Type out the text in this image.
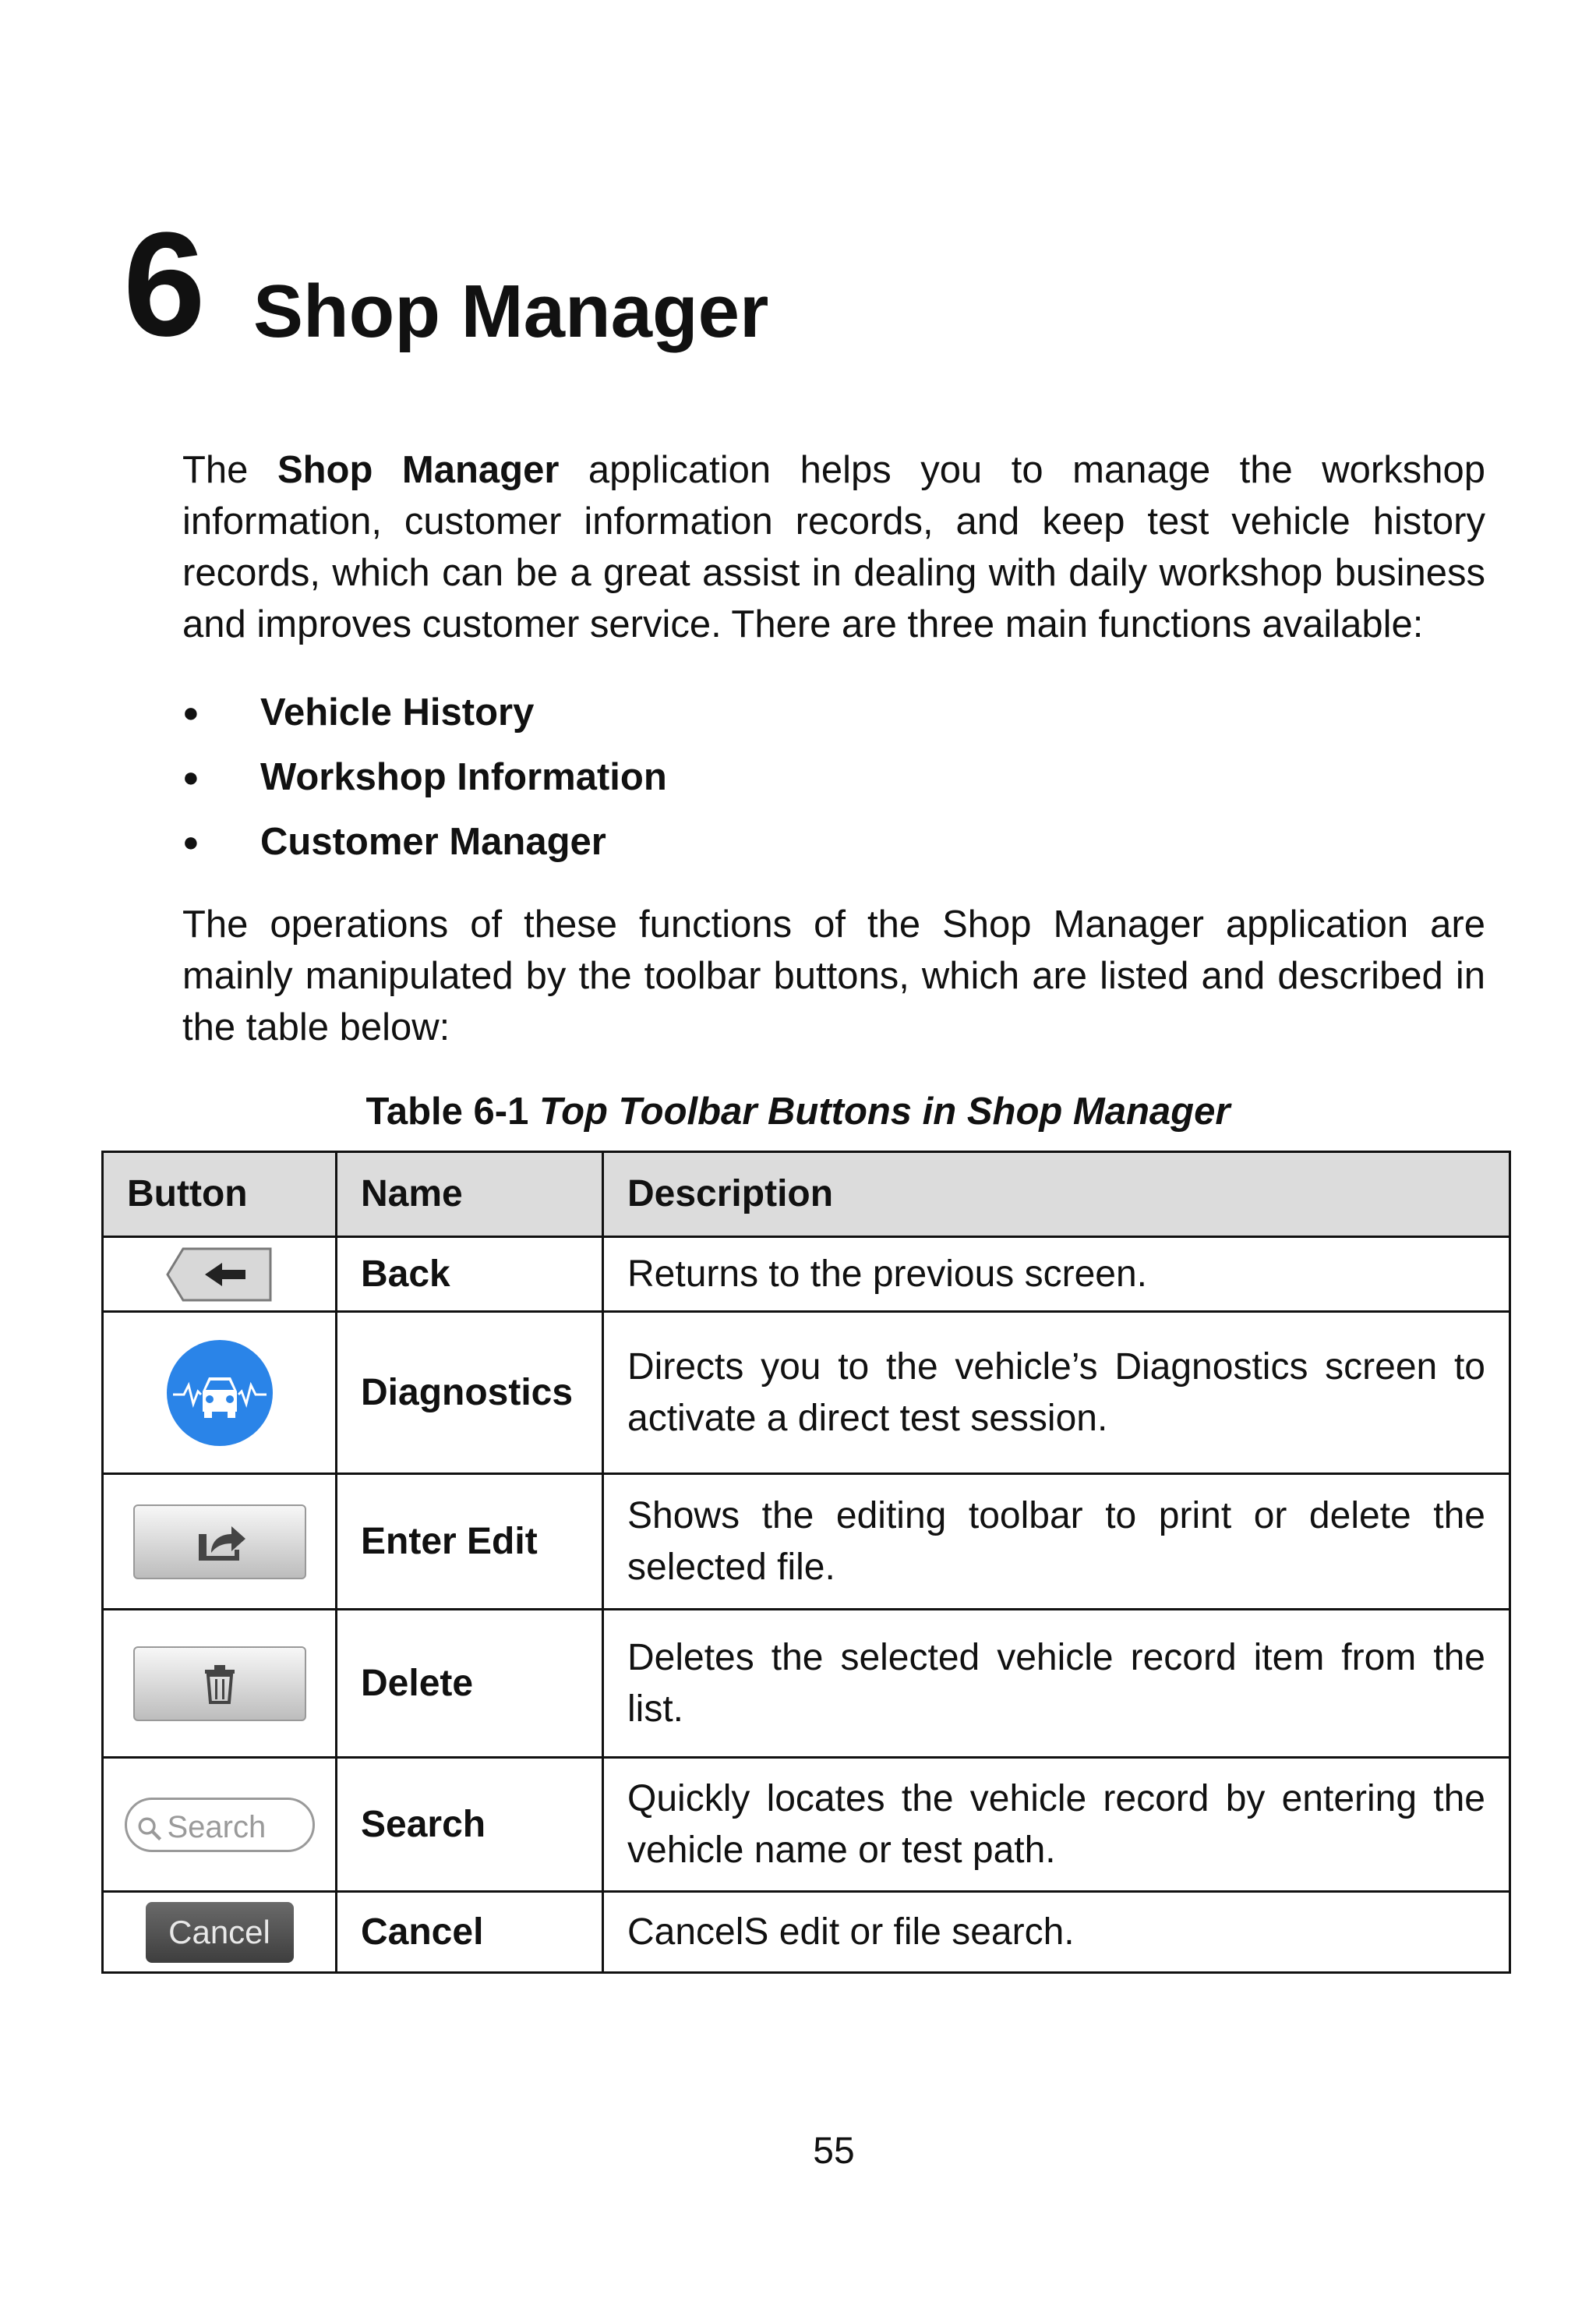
6 Shop Manager

The Shop Manager application helps you to manage the workshop information, customer information records, and keep test vehicle history records, which can be a great assist in dealing with daily workshop business and improves customer service. There are three main functions available:

●	Vehicle History
●	Workshop Information
●	Customer Manager

The operations of these functions of the Shop Manager application are mainly manipulated by the toolbar buttons, which are listed and described in the table below:

Table 6-1 Top Toolbar Buttons in Shop Manager
Button	Name	Description
	Back	Returns to the previous screen.

	Diagnostics	Directs you to the vehicle’s Diagnostics screen to activate a direct test session.

	Enter Edit	Shows the editing toolbar to print or delete the selected file.

	Delete	Deletes the selected vehicle record item from the list.
Search	Search	Quickly locates the vehicle record by entering the vehicle name or test path.
Cancel	Cancel	CancelS edit or file search.
55
